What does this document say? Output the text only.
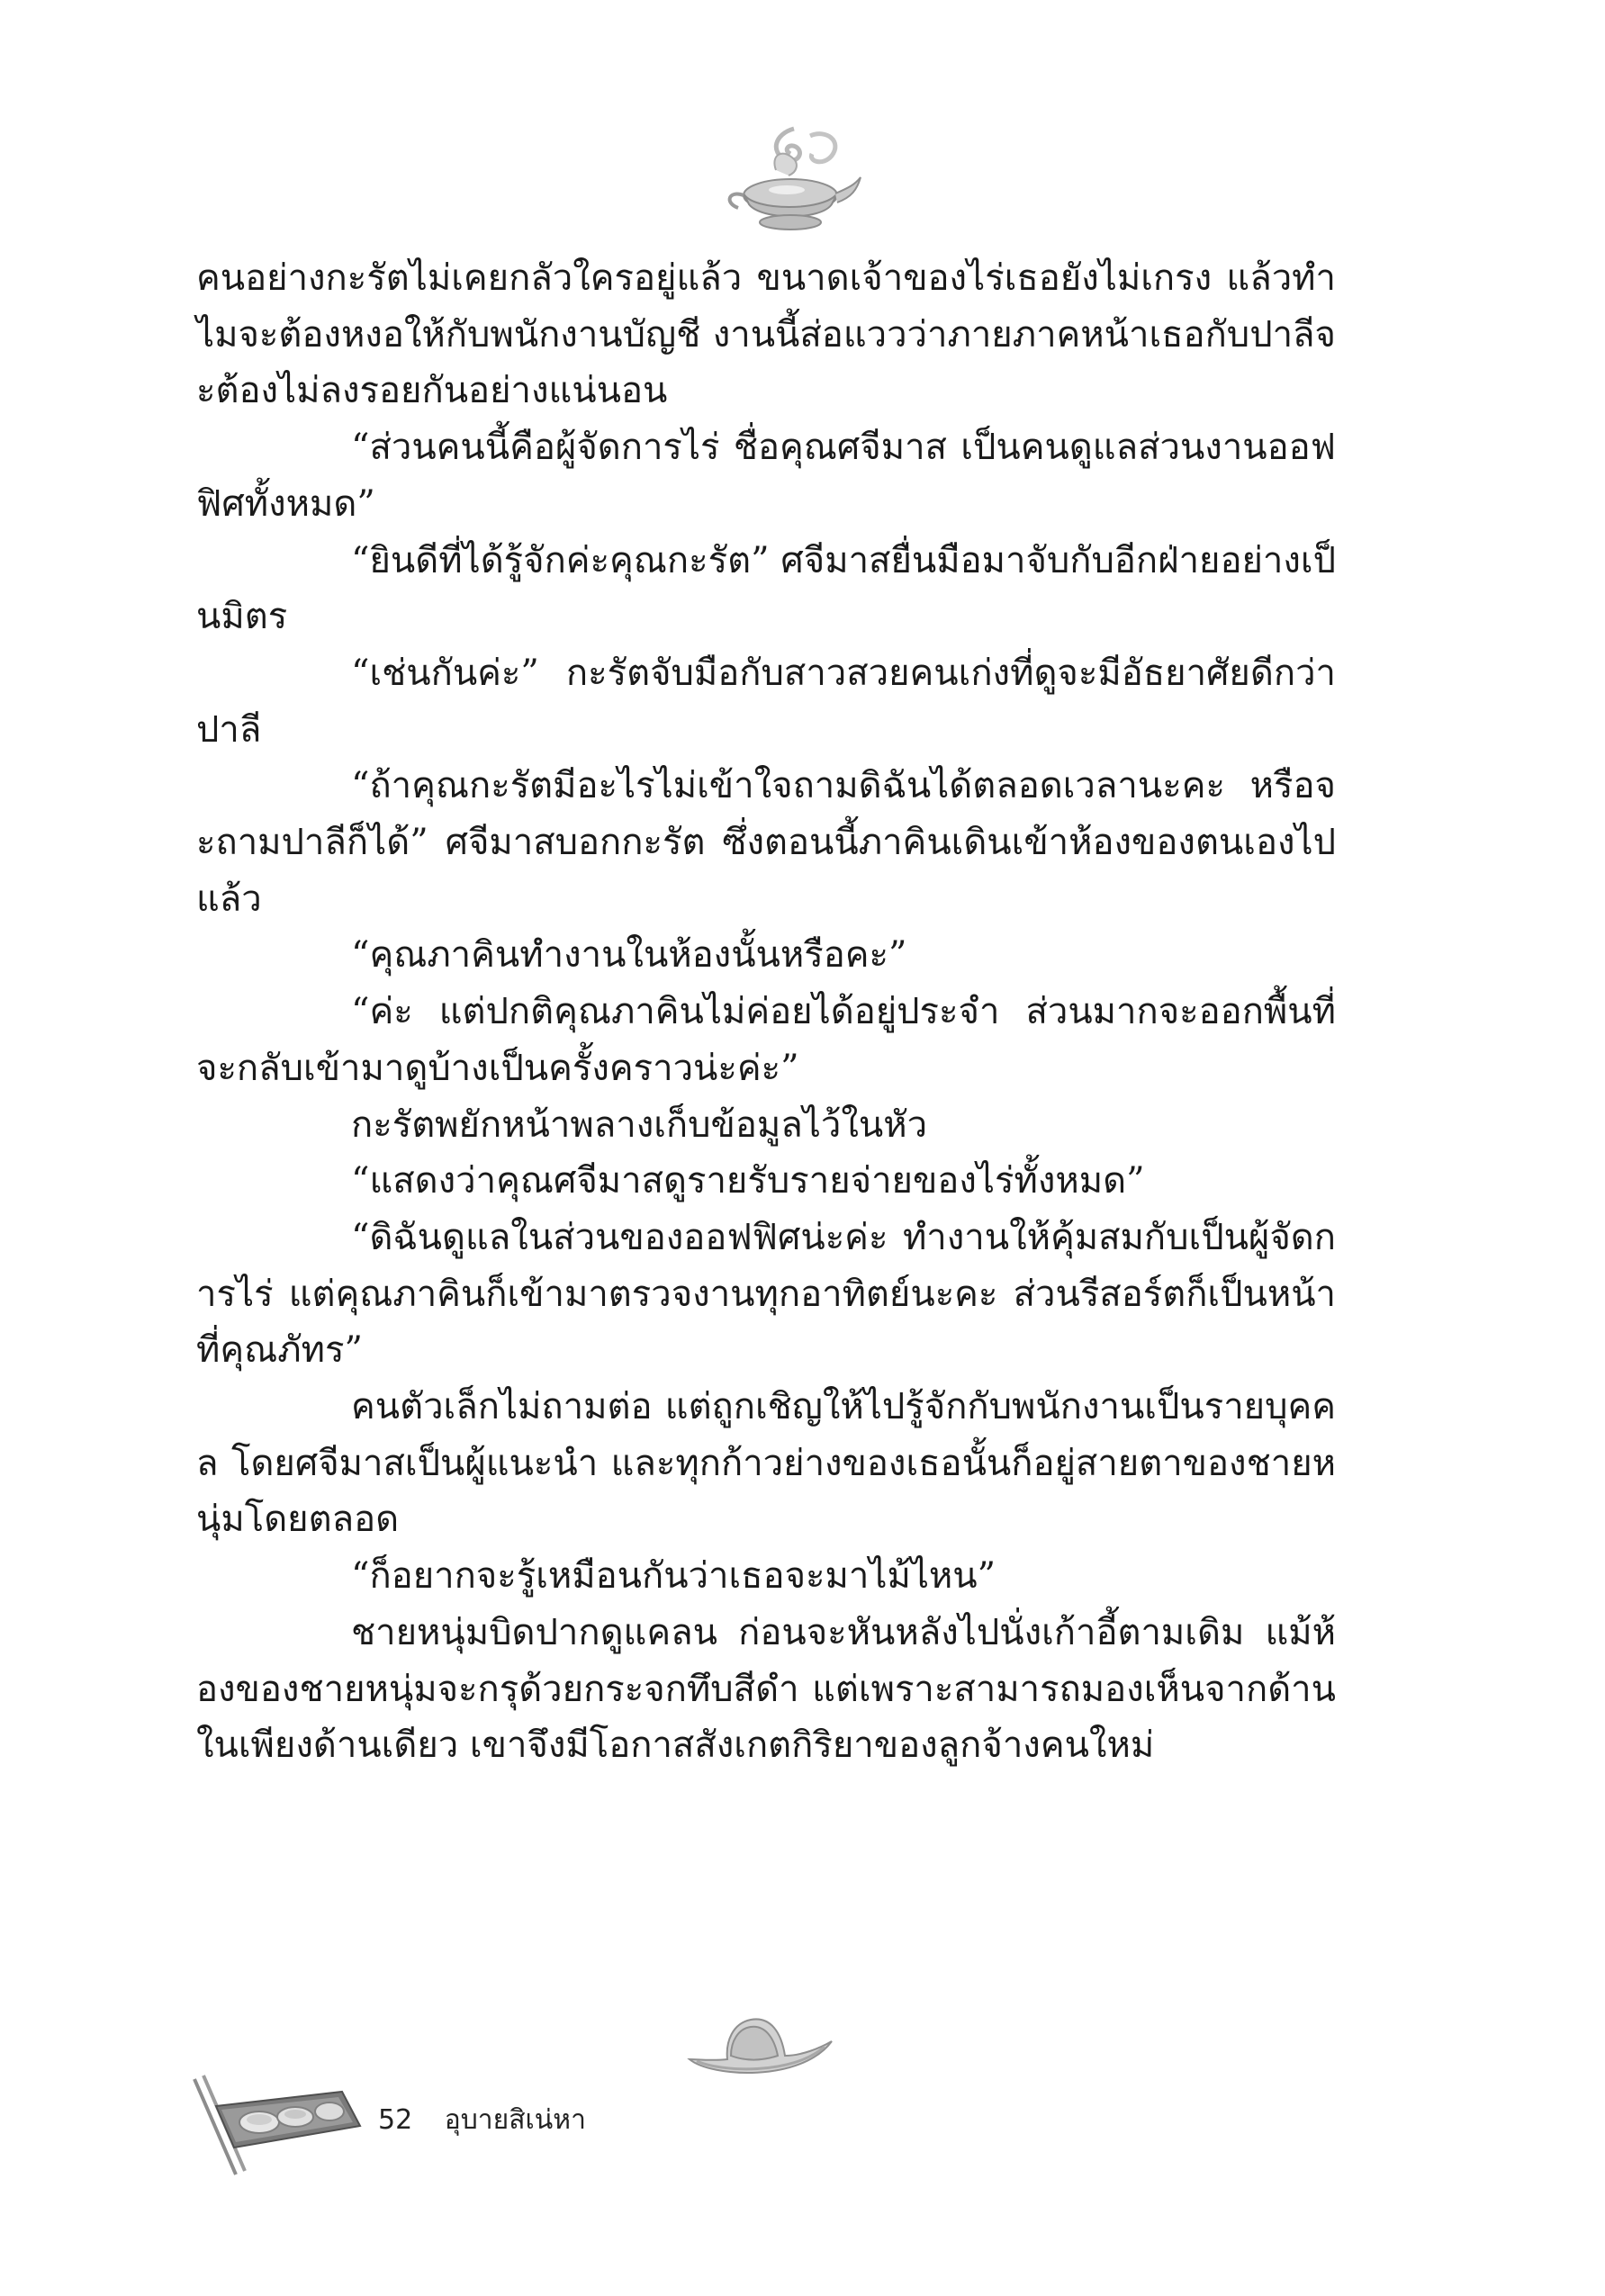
คนอย่างกะรัตไม่เคยกลัวใครอยู่แล้ว ขนาดเจ้าของไร่เธอยังไม่เกรง แล้วทำไมจะต้องหงอให้กับพนักงานบัญชี งานนี้ส่อแววว่าภายภาคหน้าเธอกับปาลีจะต้องไม่ลงรอยกันอย่างแน่นอน

“ส่วนคนนี้คือผู้จัดการไร่ ชื่อคุณศจีมาส เป็นคนดูแลส่วนงานออฟฟิศทั้งหมด”

“ยินดีที่ได้รู้จักค่ะคุณกะรัต” ศจีมาสยื่นมือมาจับกับอีกฝ่ายอย่างเป็นมิตร

“เช่นกันค่ะ” กะรัตจับมือกับสาวสวยคนเก่งที่ดูจะมีอัธยาศัยดีกว่าปาลี

“ถ้าคุณกะรัตมีอะไรไม่เข้าใจถามดิฉันได้ตลอดเวลานะคะ หรือจะถามปาลีก็ได้” ศจีมาสบอกกะรัต ซึ่งตอนนี้ภาคินเดินเข้าห้องของตนเองไปแล้ว

“คุณภาคินทำงานในห้องนั้นหรือคะ”

“ค่ะ แต่ปกติคุณภาคินไม่ค่อยได้อยู่ประจำ ส่วนมากจะออกพื้นที่ จะกลับเข้ามาดูบ้างเป็นครั้งคราวน่ะค่ะ”

กะรัตพยักหน้าพลางเก็บข้อมูลไว้ในหัว

“แสดงว่าคุณศจีมาสดูรายรับรายจ่ายของไร่ทั้งหมด”

“ดิฉันดูแลในส่วนของออฟฟิศน่ะค่ะ ทำงานให้คุ้มสมกับเป็นผู้จัดการไร่ แต่คุณภาคินก็เข้ามาตรวจงานทุกอาทิตย์นะคะ ส่วนรีสอร์ตก็เป็นหน้าที่คุณภัทร”

คนตัวเล็กไม่ถามต่อ แต่ถูกเชิญให้ไปรู้จักกับพนักงานเป็นรายบุคคล โดยศจีมาสเป็นผู้แนะนำ และทุกก้าวย่างของเธอนั้นก็อยู่สายตาของชายหนุ่มโดยตลอด

“ก็อยากจะรู้เหมือนกันว่าเธอจะมาไม้ไหน”

ชายหนุ่มบิดปากดูแคลน ก่อนจะหันหลังไปนั่งเก้าอี้ตามเดิม แม้ห้องของชายหนุ่มจะกรุด้วยกระจกทึบสีดำ แต่เพราะสามารถมองเห็นจากด้านในเพียงด้านเดียว เขาจึงมีโอกาสสังเกตกิริยาของลูกจ้างคนใหม่

52 อุบายสิเน่หา
